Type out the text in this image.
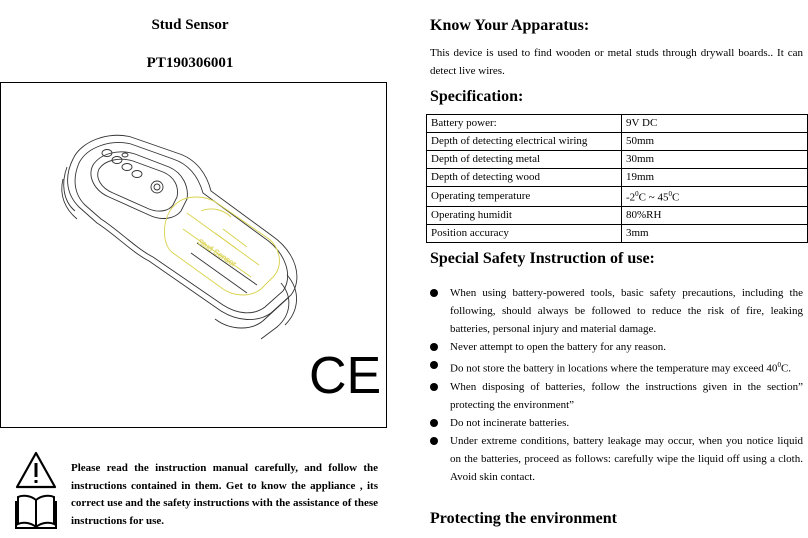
Stud Sensor
PT190306001
Stud Sensor
CE
Please read the instruction manual carefully, and follow the instructions contained in them. Get to know the appliance , its correct use and the safety instructions with the assistance of these instructions for use.
Know Your Apparatus:
This device is used to find wooden or metal studs through drywall boards.. It can detect live wires.
Specification:
Battery power:	9V DC
Depth of detecting electrical wiring	50mm
Depth of detecting metal	30mm
Depth of detecting wood	19mm
Operating temperature	$-2^0C$ ~ $45^0C$
Operating humidit	80%RH
Position accuracy	3mm
Special Safety Instruction of use:
When using battery-powered tools, basic safety precautions, including the following, should always be followed to reduce the risk of fire, leaking batteries, personal injury and material damage.
Never attempt to open the battery for any reason.
Do not store the battery in locations where the temperature may exceed $40^0C$.
When disposing of batteries, follow the instructions given in the section” protecting the environment”
Do not incinerate batteries.
Under extreme conditions, battery leakage may occur, when you notice liquid on the batteries, proceed as follows: carefully wipe the liquid off using a cloth. Avoid skin contact.
Protecting the environment
